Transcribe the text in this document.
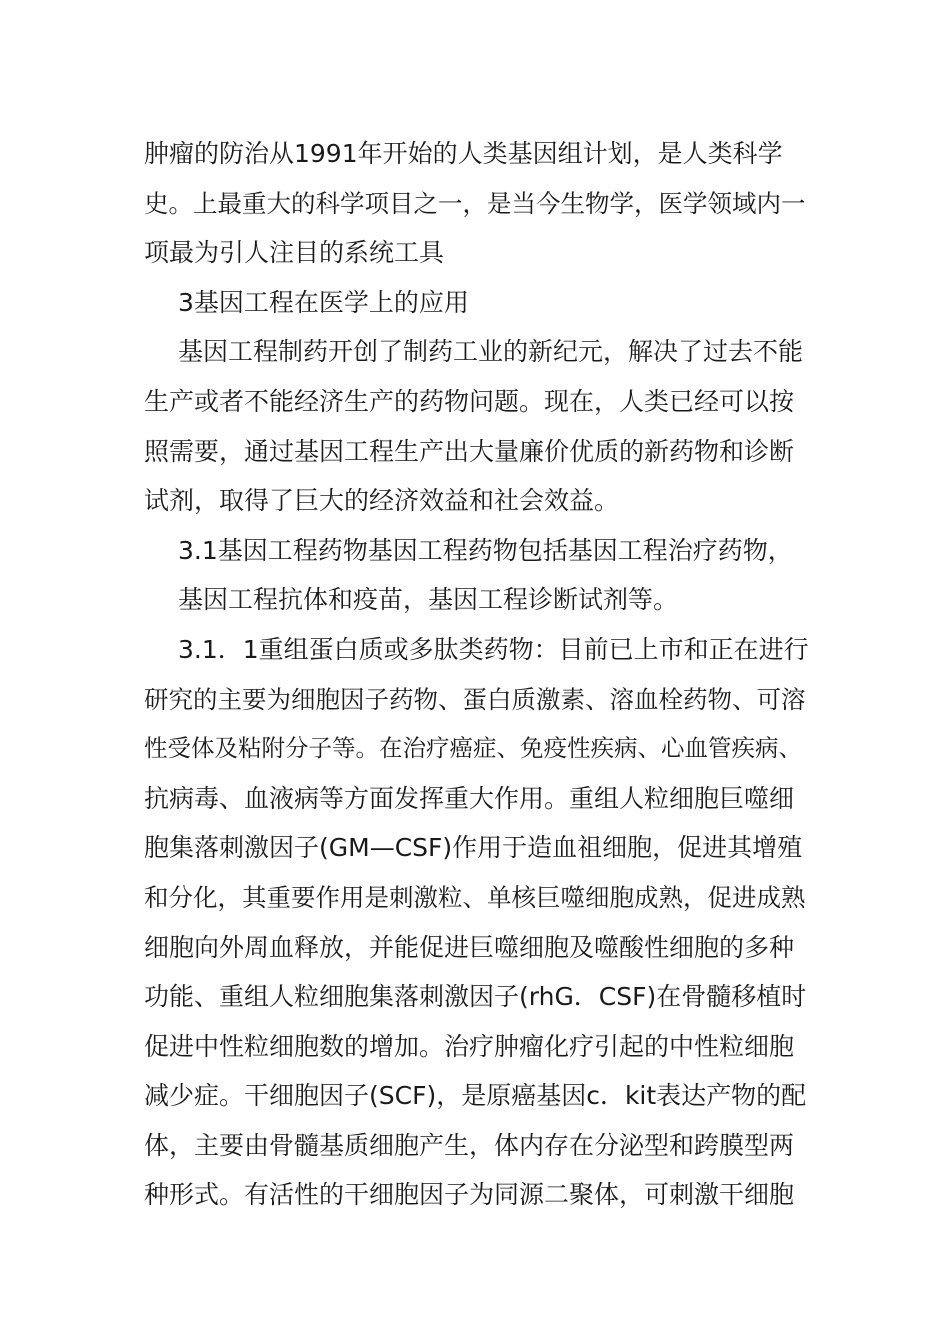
肿瘤的防治从1991年开始的人类基因组计划，是人类科学
史。上最重大的科学项目之一，是当今生物学，医学领域内一
项最为引人注目的系统工具
3基因工程在医学上的应用
基因工程制药开创了制药工业的新纪元，解决了过去不能
生产或者不能经济生产的药物问题。现在，人类已经可以按
照需要，通过基因工程生产出大量廉价优质的新药物和诊断
试剂，取得了巨大的经济效益和社会效益。
3.1基因工程药物基因工程药物包括基因工程治疗药物，
基因工程抗体和疫苗，基因工程诊断试剂等。
3.1．1重组蛋白质或多肽类药物：目前已上市和正在进行
研究的主要为细胞因子药物、蛋白质激素、溶血栓药物、可溶
性受体及粘附分子等。在治疗癌症、免疫性疾病、心血管疾病、
抗病毒、血液病等方面发挥重大作用。重组人粒细胞巨噬细
胞集落刺激因子(GM—CSF)作用于造血祖细胞，促进其增殖
和分化，其重要作用是刺激粒、单核巨噬细胞成熟，促进成熟
细胞向外周血释放，并能促进巨噬细胞及噬酸性细胞的多种
功能、重组人粒细胞集落刺激因子(rhG．CSF)在骨髓移植时
促进中性粒细胞数的增加。治疗肿瘤化疗引起的中性粒细胞
减少症。干细胞因子(SCF)，是原癌基因c．kit表达产物的配
体，主要由骨髓基质细胞产生，体内存在分泌型和跨膜型两
种形式。有活性的干细胞因子为同源二聚体，可刺激干细胞
